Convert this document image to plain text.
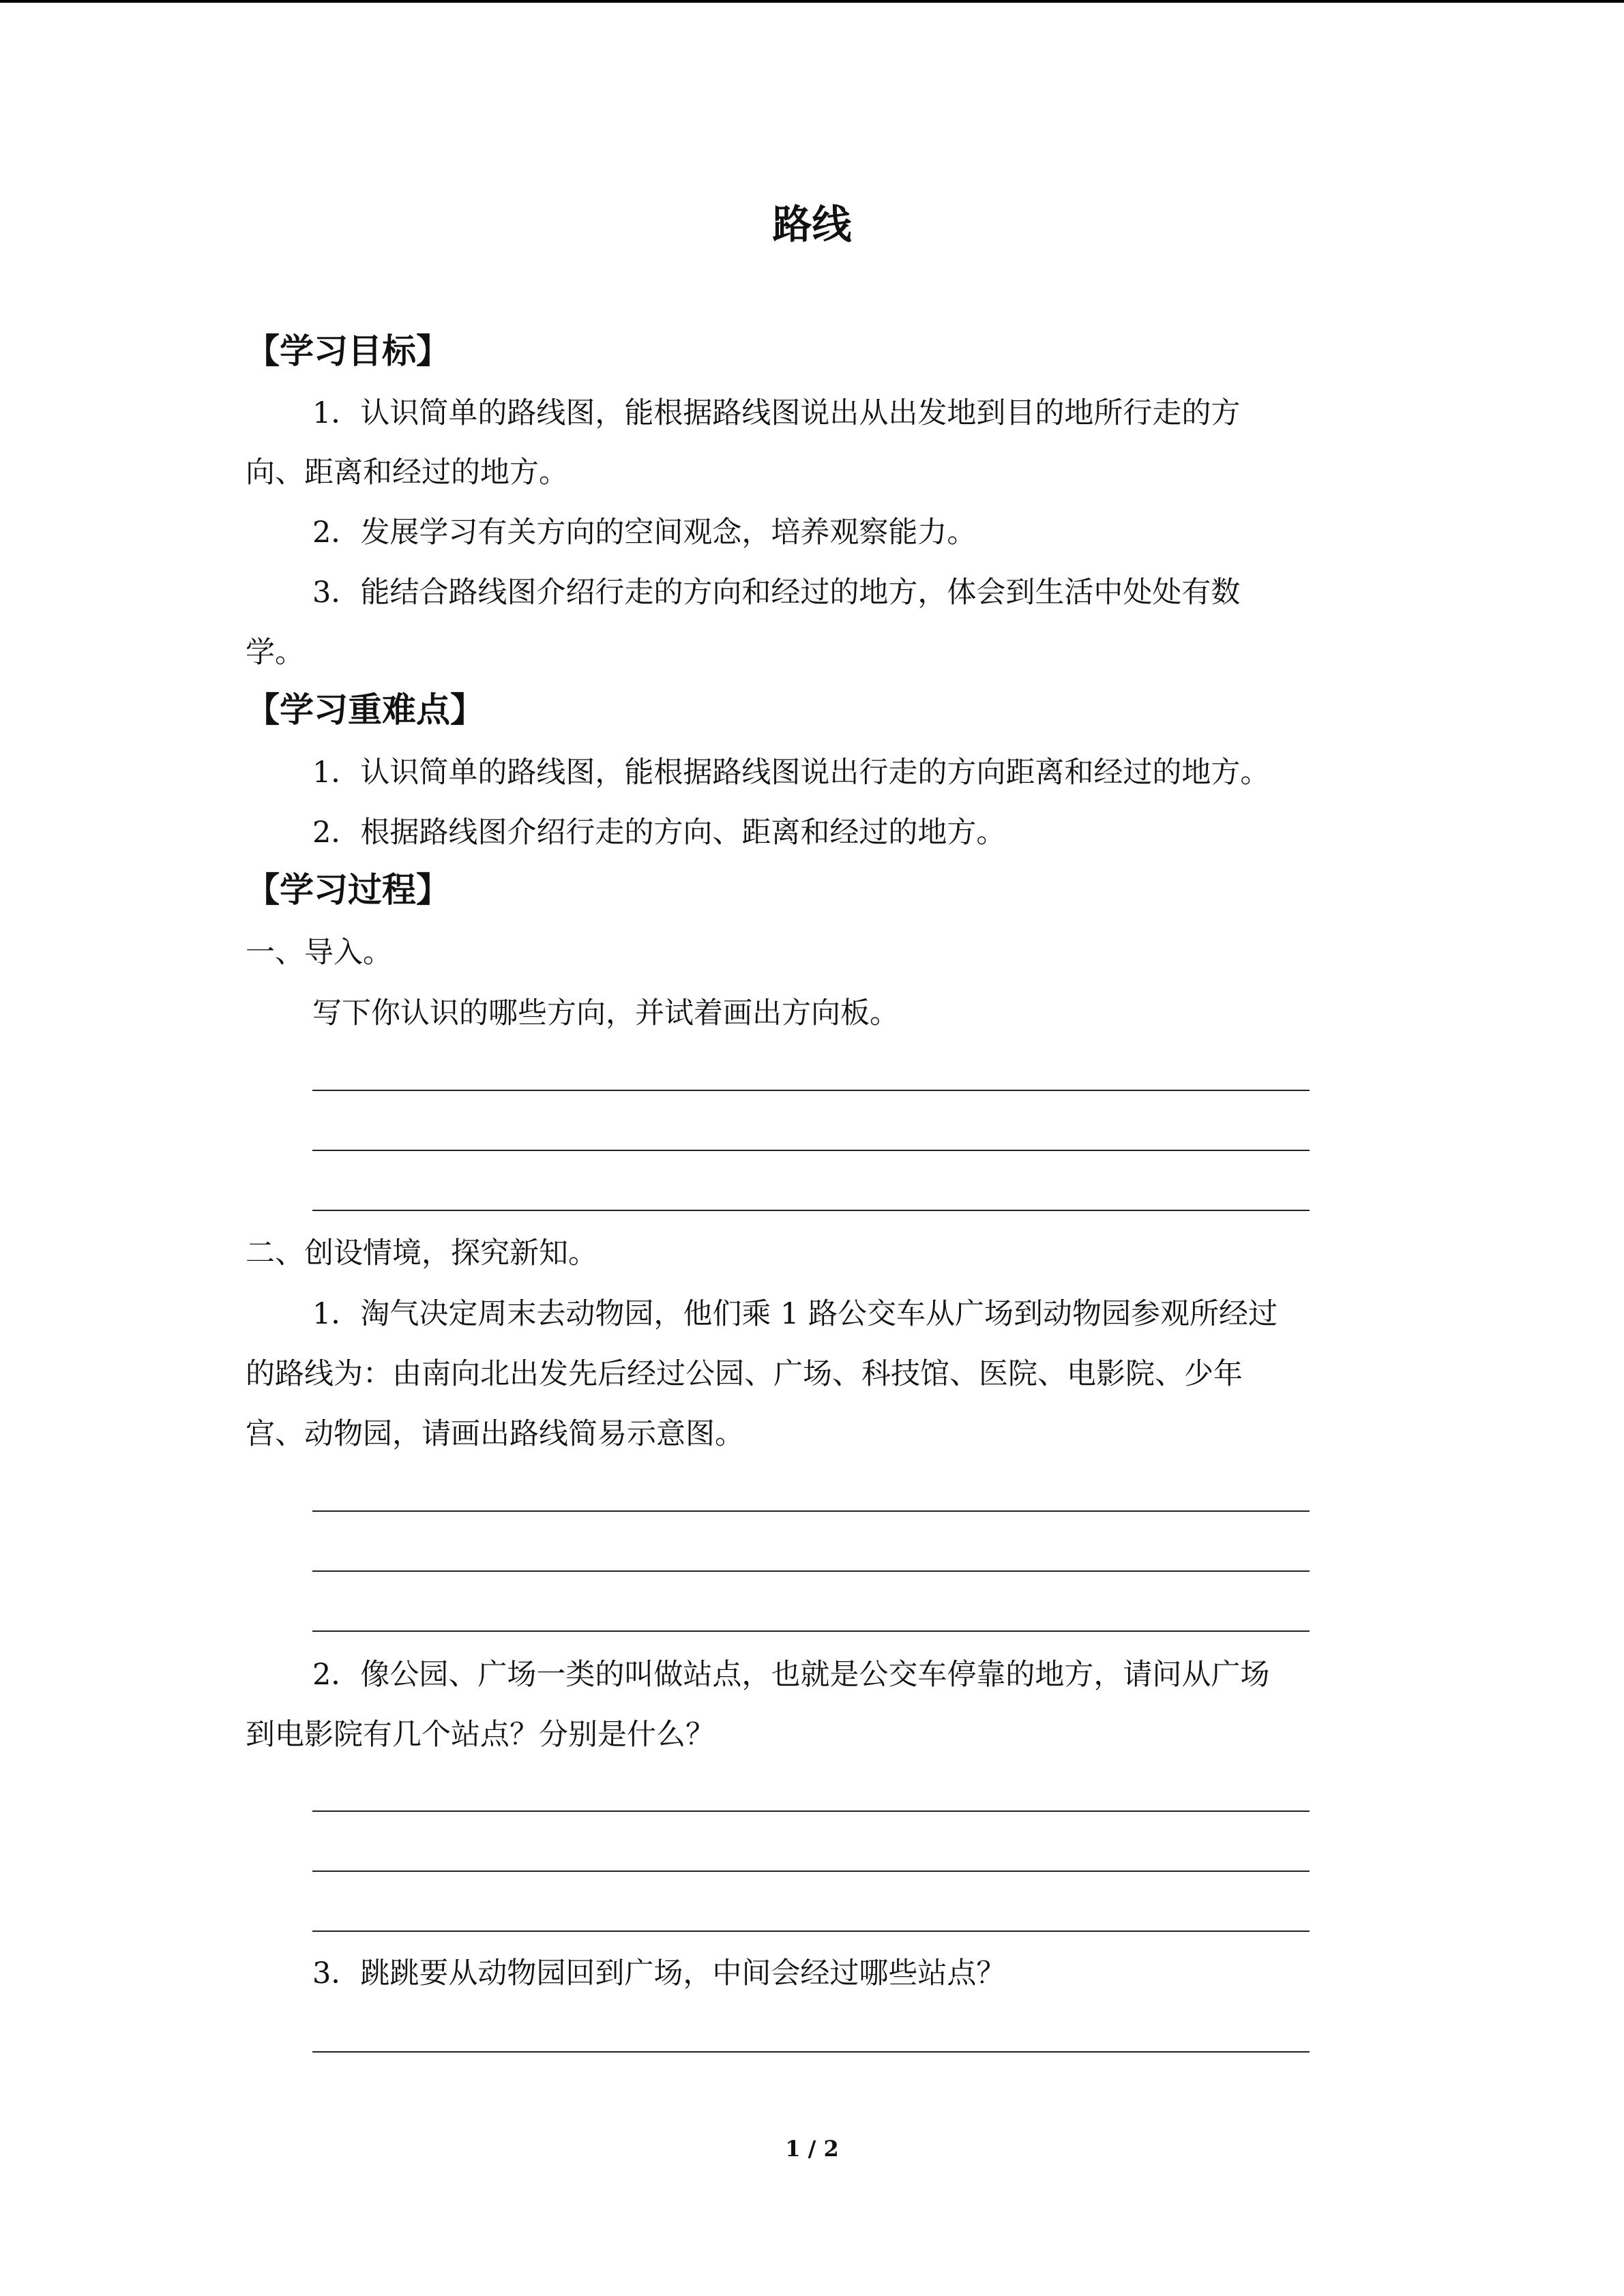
路线
【学习目标】
1．认识简单的路线图，能根据路线图说出从出发地到目的地所行走的方
向、距离和经过的地方。
2．发展学习有关方向的空间观念，培养观察能力。
3．能结合路线图介绍行走的方向和经过的地方，体会到生活中处处有数
学。
【学习重难点】
1．认识简单的路线图，能根据路线图说出行走的方向距离和经过的地方。
2．根据路线图介绍行走的方向、距离和经过的地方。
【学习过程】
一、导入。
写下你认识的哪些方向，并试着画出方向板。
二、创设情境，探究新知。
1．淘气决定周末去动物园，他们乘 1 路公交车从广场到动物园参观所经过
的路线为：由南向北出发先后经过公园、广场、科技馆、医院、电影院、少年
宫、动物园，请画出路线简易示意图。
2．像公园、广场一类的叫做站点，也就是公交车停靠的地方，请问从广场
到电影院有几个站点？分别是什么？
3．跳跳要从动物园回到广场，中间会经过哪些站点？
1 / 2
